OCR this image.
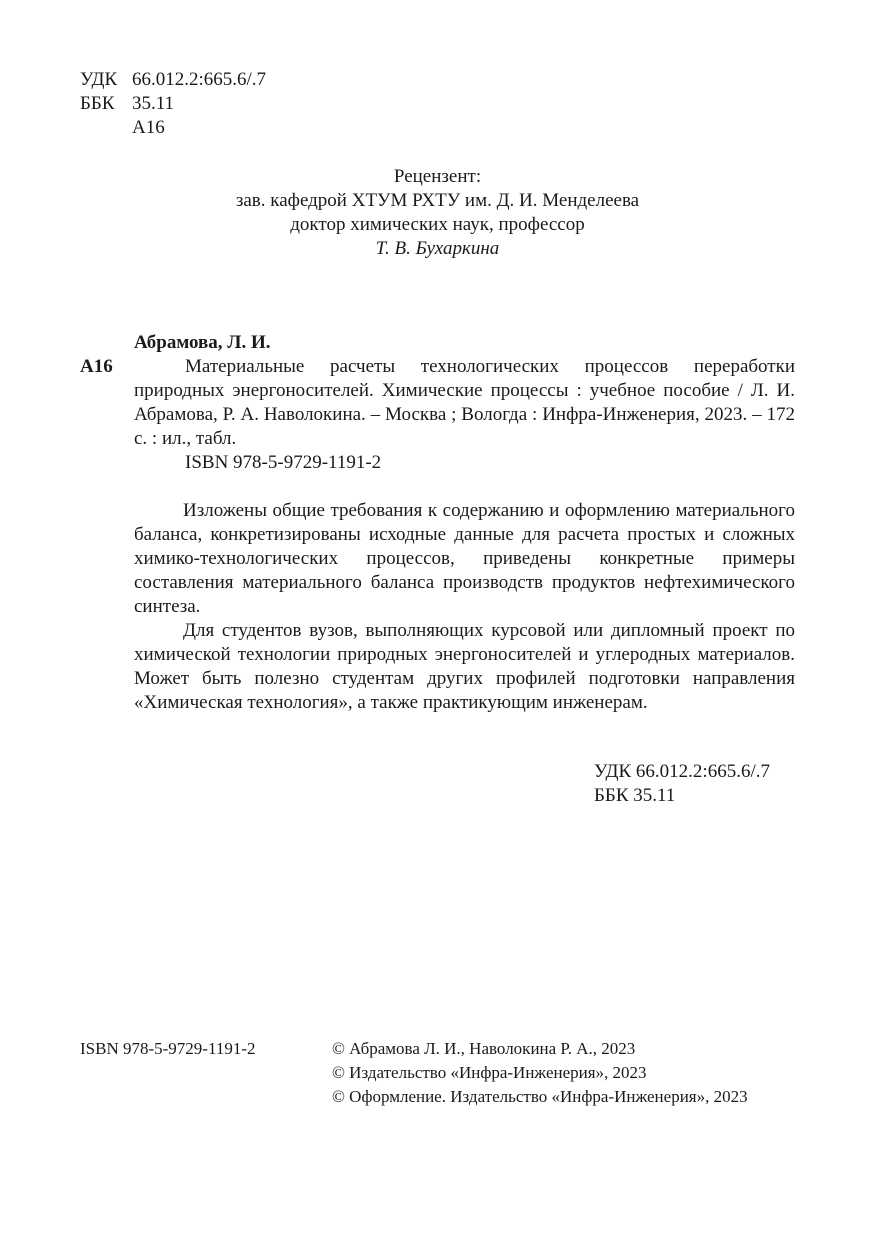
УДК 66.012.2:665.6/.7
ББК 35.11
А16
Рецензент:
зав. кафедрой ХТУМ РХТУ им. Д. И. Менделеева
доктор химических наук, профессор
Т. В. Бухаркина
Абрамова, Л. И.
А16	Материальные расчеты технологических процессов переработки природных энергоносителей. Химические процессы : учебное пособие / Л. И. Абрамова, Р. А. Наволокина. – Москва ; Вологда : Инфра-Инженерия, 2023. – 172 с. : ил., табл.
ISBN 978-5-9729-1191-2

Изложены общие требования к содержанию и оформлению материального баланса, конкретизированы исходные данные для расчета простых и сложных химико-технологических процессов, приведены конкретные примеры составления материального баланса производств продуктов нефтехимического синтеза.

Для студентов вузов, выполняющих курсовой или дипломный проект по химической технологии природных энергоносителей и углеродных материалов. Может быть полезно студентам других профилей подготовки направления «Химическая технология», а также практикующим инженерам.

УДК 66.012.2:665.6/.7
ББК 35.11
ISBN 978-5-9729-1191-2	© Абрамова Л. И., Наволокина Р. А., 2023
© Издательство «Инфра-Инженерия», 2023
© Оформление. Издательство «Инфра-Инженерия», 2023
